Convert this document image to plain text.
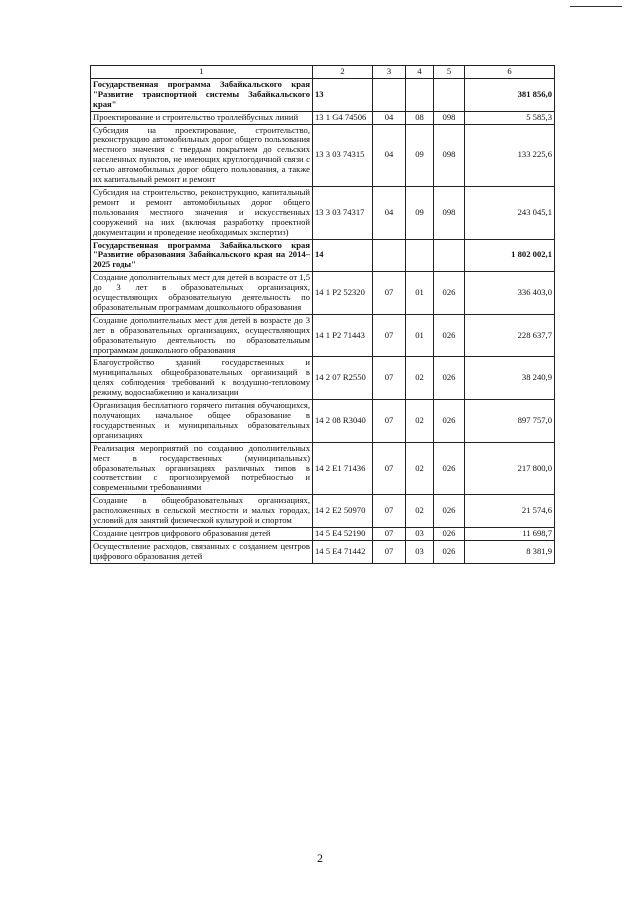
1	2	3	4	5	6
Государственная программа Забайкальского края "Развитие транспортной системы Забайкальского края"	13				381 856,0
Проектирование и строительство троллейбусных линий	13 1 G4 74506	04	08	098	5 585,3
Субсидия на проектирование, строительство, реконструкцию автомобильных дорог общего пользования местного значения с твердым покрытием до сельских населенных пунктов, не имеющих круглогодичной связи с сетью автомобильных дорог общего пользования, а также их капитальный ремонт и ремонт	13 3 03 74315	04	09	098	133 225,6
Субсидия на строительство, реконструкцию, капитальный ремонт и ремонт автомобильных дорог общего пользования местного значения и искусственных сооружений на них (включая разработку проектной документации и проведение необходимых экспертиз)	13 3 03 74317	04	09	098	243 045,1
Государственная программа Забайкальского края "Развитие образования Забайкальского края на 2014–2025 годы"	14				1 802 002,1
Создание дополнительных мест для детей в возрасте от 1,5 до 3 лет в образовательных организациях, осуществляющих образовательную деятельность по образовательным программам дошкольного образования	14 1 P2 52320	07	01	026	336 403,0
Создание дополнительных мест для детей в возрасте до 3 лет в образовательных организациях, осуществляющих образовательную деятельность по образовательным программам дошкольного образования	14 1 P2 71443	07	01	026	228 637,7
Благоустройство зданий государственных и муниципальных общеобразовательных организаций в целях соблюдения требований к воздушно-тепловому режиму, водоснабжению и канализации	14 2 07 R2550	07	02	026	38 240,9
Организация бесплатного горячего питания обучающихся, получающих начальное общее образование в государственных и муниципальных образовательных организациях	14 2 08 R3040	07	02	026	897 757,0
Реализация мероприятий по созданию дополнительных мест в государственных (муниципальных) образовательных организациях различных типов в соответствии с прогнозируемой потребностью и современными требованиями	14 2 E1 71436	07	02	026	217 800,0
Создание в общеобразовательных организациях, расположенных в сельской местности и малых городах, условий для занятий физической культурой и спортом	14 2 E2 50970	07	02	026	21 574,6
Создание центров цифрового образования детей	14 5 E4 52190	07	03	026	11 698,7
Осуществление расходов, связанных с созданием центров цифрового образования детей	14 5 E4 71442	07	03	026	8 381,9
2
